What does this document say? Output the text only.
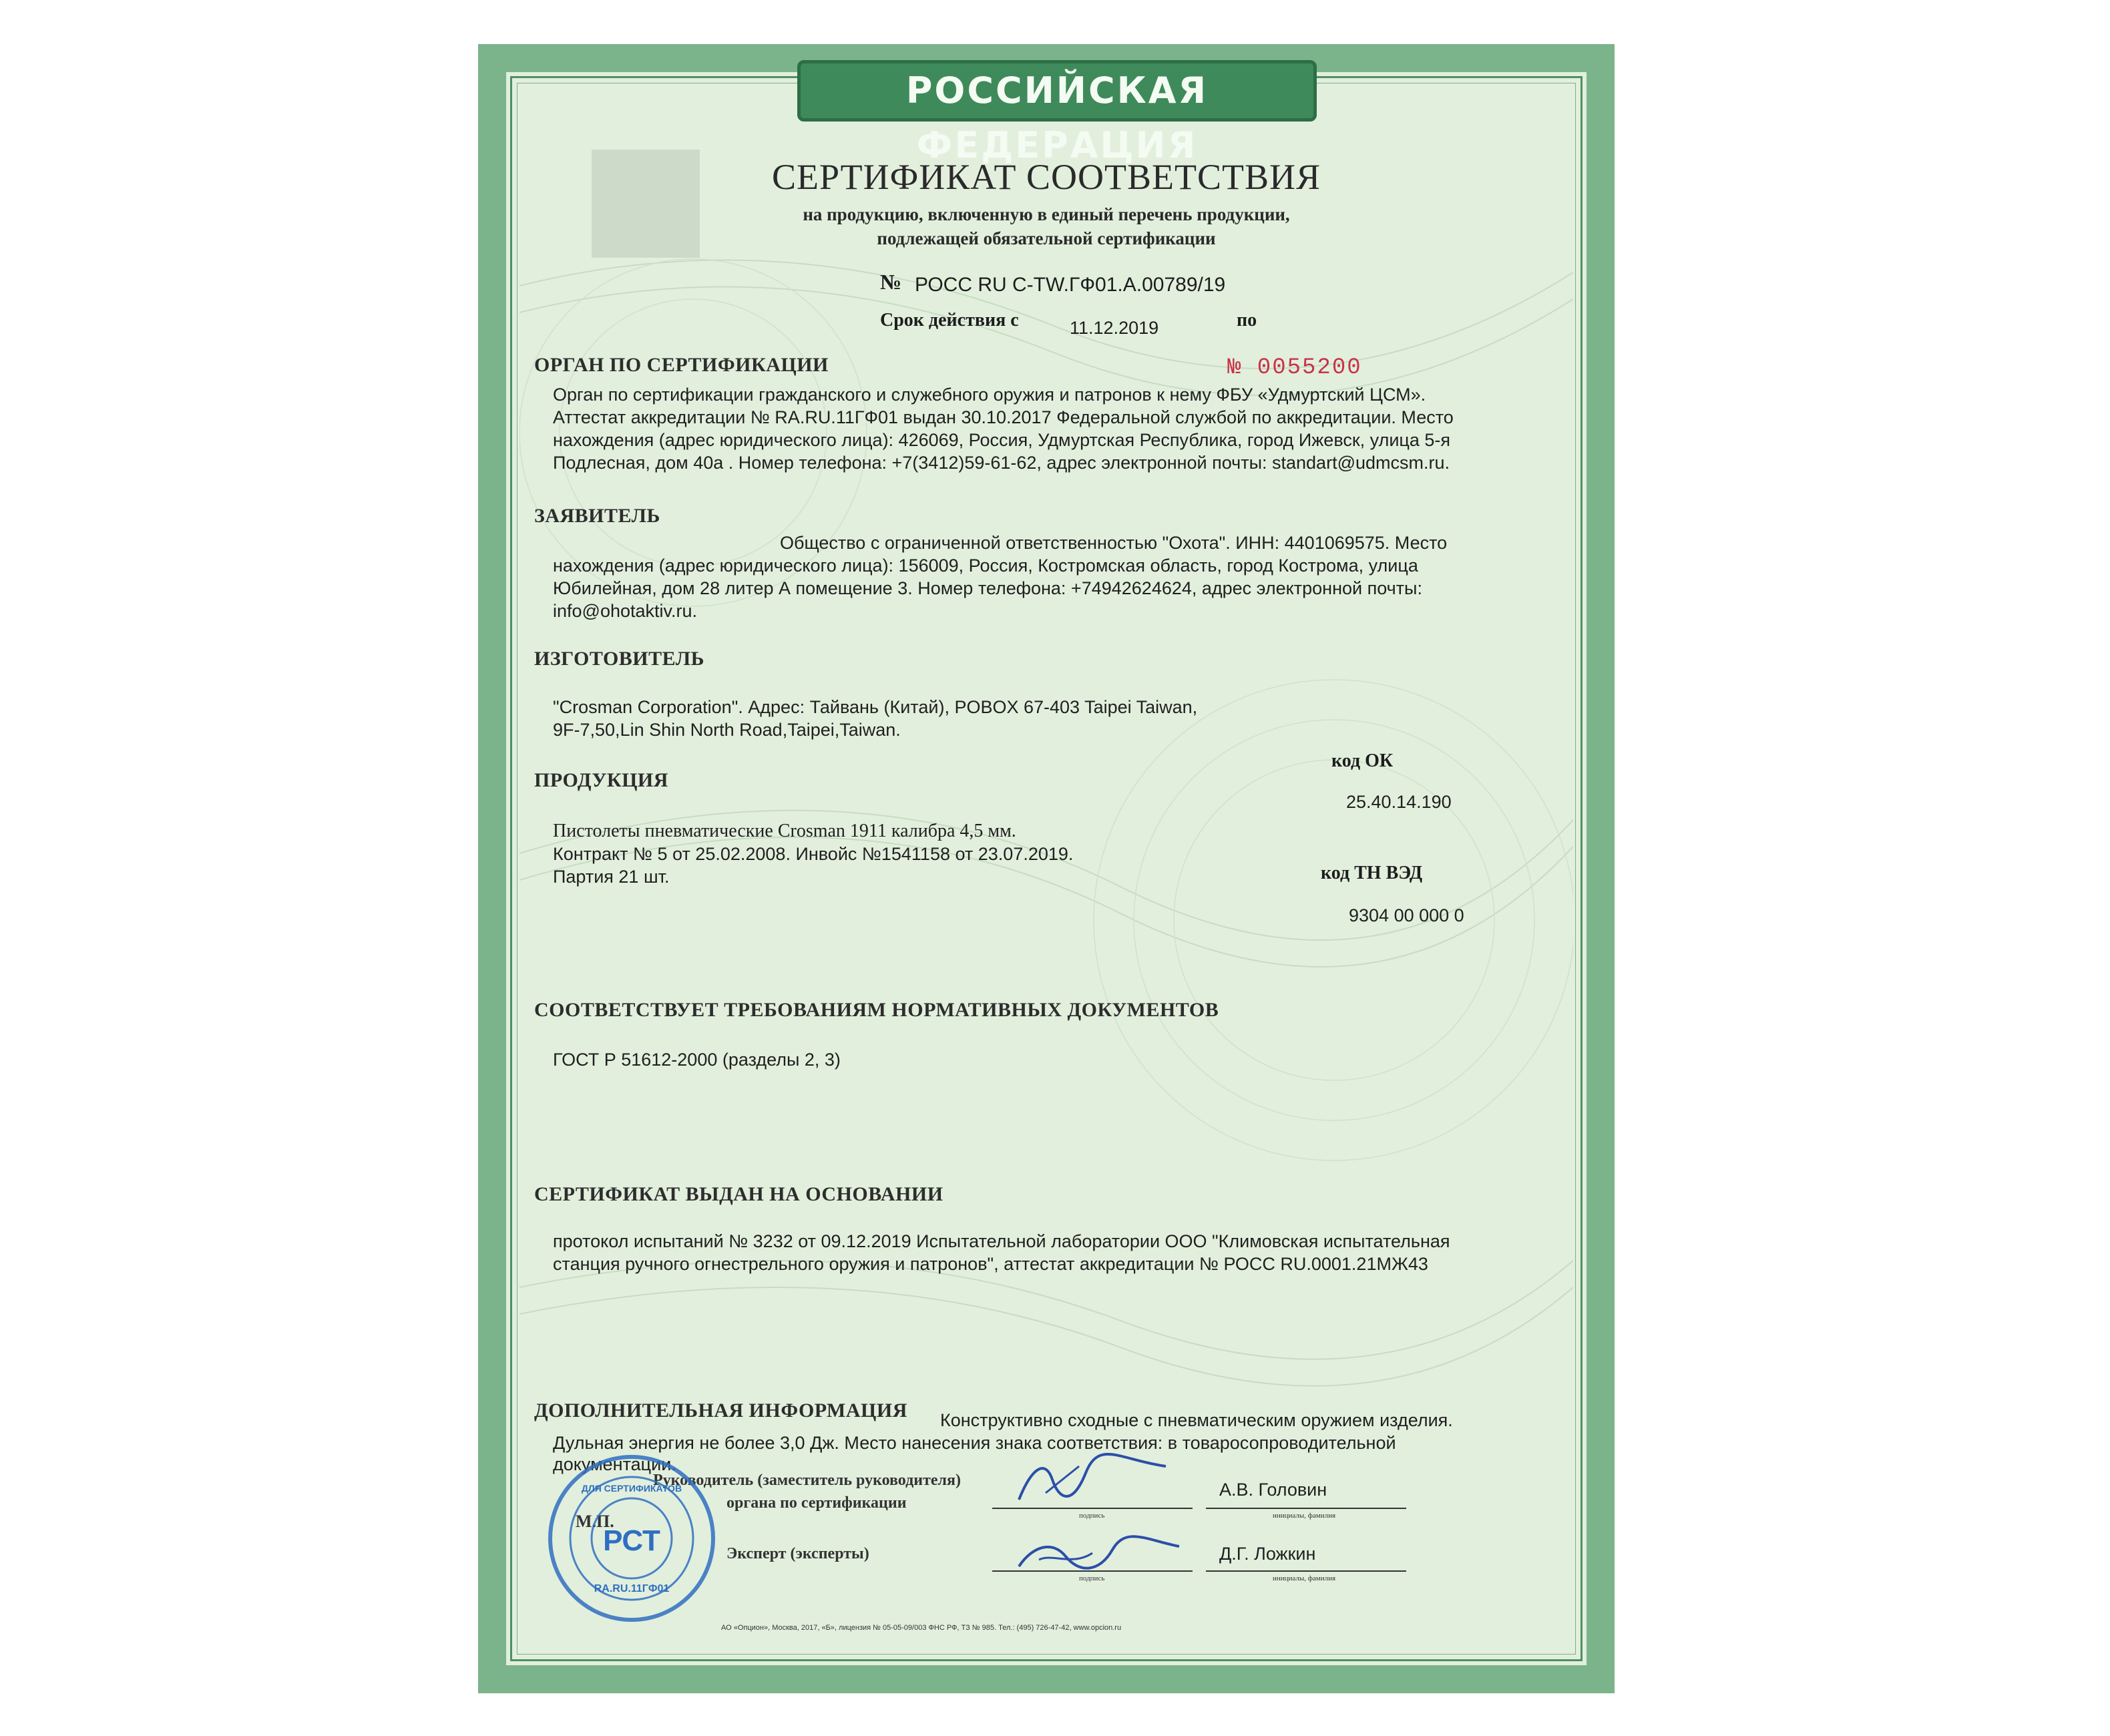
РОССИЙСКАЯ ФЕДЕРАЦИЯ
СЕРТИФИКАТ СООТВЕТСТВИЯ
на продукцию, включенную в единый перечень продукции,
подлежащей обязательной сертификации
№ РОСС RU C-TW.ГФ01.А.00789/19
Срок действия с	11.12.2019	по
ОРГАН ПО СЕРТИФИКАЦИИ	№ 0055200
Орган по сертификации гражданского и служебного оружия и патронов к нему ФБУ «Удмуртский ЦСМ».
Аттестат аккредитации № RA.RU.11ГФ01 выдан 30.10.2017 Федеральной службой по аккредитации. Место
нахождения (адрес юридического лица): 426069, Россия, Удмуртская Республика, город Ижевск, улица 5-я
Подлесная, дом 40а . Номер телефона: +7(3412)59-61-62, адрес электронной почты: standart@udmcsm.ru.
ЗАЯВИТЕЛЬ
Общество с ограниченной ответственностью "Охота". ИНН: 4401069575. Место
нахождения (адрес юридического лица): 156009, Россия, Костромская область, город Кострома, улица
Юбилейная, дом 28 литер А помещение 3. Номер телефона: +74942624624, адрес электронной почты:
info@ohotaktiv.ru.
ИЗГОТОВИТЕЛЬ
"Crosman Corporation". Адрес: Тайвань (Китай), POBOX 67-403 Taipei Taiwan,
9F-7,50,Lin Shin North Road,Taipei,Taiwan.
код ОК
ПРОДУКЦИЯ
25.40.14.190
Пистолеты пневматические Crosman 1911 калибра 4,5 мм.
Контракт № 5 от 25.02.2008. Инвойс №1541158 от 23.07.2019.
Партия 21 шт.	код ТН ВЭД
9304 00 000 0
СООТВЕТСТВУЕТ ТРЕБОВАНИЯМ НОРМАТИВНЫХ ДОКУМЕНТОВ
ГОСТ Р 51612-2000 (разделы 2, 3)
СЕРТИФИКАТ ВЫДАН НА ОСНОВАНИИ
протокол испытаний № 3232 от 09.12.2019 Испытательной лаборатории ООО "Климовская испытательная
станция ручного огнестрельного оружия и патронов", аттестат аккредитации № РОСС RU.0001.21МЖ43
ДОПОЛНИТЕЛЬНАЯ ИНФОРМАЦИЯ Конструктивно сходные с пневматическим оружием изделия.
Дульная энергия не более 3,0 Дж. Место нанесения знака соответствия: в товаросопроводительной
документации.
Руководитель (заместитель руководителя)
органа по сертификации
М.П.
А.В. Головин
подпись	инициалы, фамилия
Эксперт (эксперты)	Д.Г. Ложкин
подпись	инициалы, фамилия
РСТ
ДЛЯ СЕРТИФИКАТОВ
RA.RU.11ГФ01
АО «Опцион», Москва, 2017, «Б», лицензия № 05-05-09/003 ФНС РФ, ТЗ № 985. Тел.: (495) 726-47-42, www.opcion.ru
